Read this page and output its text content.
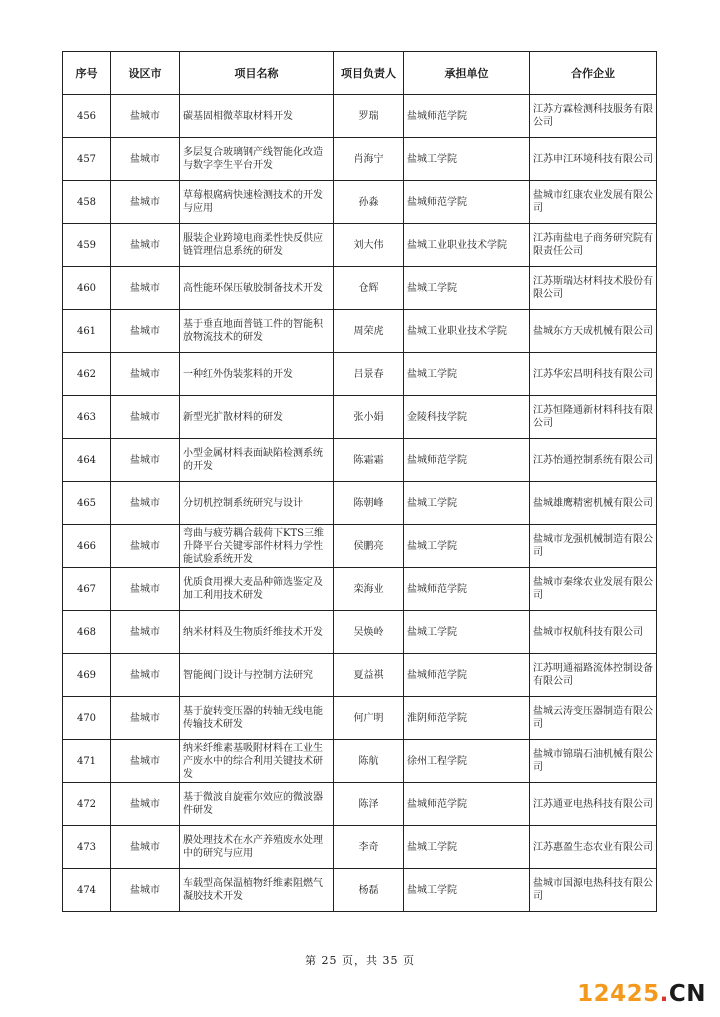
序号	设区市	项目名称	项目负责人	承担单位	合作企业
456	盐城市	碳基固相微萃取材料开发	罗瑞	盐城师范学院	江苏方霖检测科技服务有限公司
457	盐城市	多层复合玻璃钢产线智能化改造与数字孪生平台开发	肖海宁	盐城工学院	江苏申江环境科技有限公司
458	盐城市	草莓根腐病快速检测技术的开发与应用	孙淼	盐城师范学院	盐城市红康农业发展有限公司
459	盐城市	服装企业跨境电商柔性快反供应链管理信息系统的研发	刘大伟	盐城工业职业技术学院	江苏南盐电子商务研究院有限责任公司
460	盐城市	高性能环保压敏胶制备技术开发	仓辉	盐城工学院	江苏斯瑞达材料技术股份有限公司
461	盐城市	基于垂直地面普链工件的智能积放物流技术的研发	周荣虎	盐城工业职业技术学院	盐城东方天成机械有限公司
462	盐城市	一种红外伪装浆料的开发	吕景春	盐城工学院	江苏华宏昌明科技有限公司
463	盐城市	新型光扩散材料的研发	张小娟	金陵科技学院	江苏恒隆通新材料科技有限公司
464	盐城市	小型金属材料表面缺陷检测系统的开发	陈霜霜	盐城师范学院	江苏怡通控制系统有限公司
465	盐城市	分切机控制系统研究与设计	陈朝峰	盐城工学院	盐城雄鹰精密机械有限公司
466	盐城市	弯曲与疲劳耦合载荷下KTS三维升降平台关键零部件材料力学性能试验系统开发	侯鹏亮	盐城工学院	盐城市龙强机械制造有限公司
467	盐城市	优质食用裸大麦品种筛选鉴定及加工利用技术研发	栾海业	盐城师范学院	盐城市秦缘农业发展有限公司
468	盐城市	纳米材料及生物质纤维技术开发	吴焕岭	盐城工学院	盐城市权航科技有限公司
469	盐城市	智能阀门设计与控制方法研究	夏益祺	盐城师范学院	江苏明通福路流体控制设备有限公司
470	盐城市	基于旋转变压器的转轴无线电能传输技术研发	何广明	淮阴师范学院	盐城云涛变压器制造有限公司
471	盐城市	纳米纤维素基吸附材料在工业生产废水中的综合利用关键技术研发	陈航	徐州工程学院	盐城市锦瑞石油机械有限公司
472	盐城市	基于微波自旋霍尔效应的微波器件研发	陈泽	盐城师范学院	江苏通亚电热科技有限公司
473	盐城市	膜处理技术在水产养殖废水处理中的研究与应用	李奇	盐城工学院	江苏惠盈生态农业有限公司
474	盐城市	车载型高保温植物纤维素阻燃气凝胶技术开发	杨磊	盐城工学院	盐城市国源电热科技有限公司
第 25 页，共 35 页
12425.CN
